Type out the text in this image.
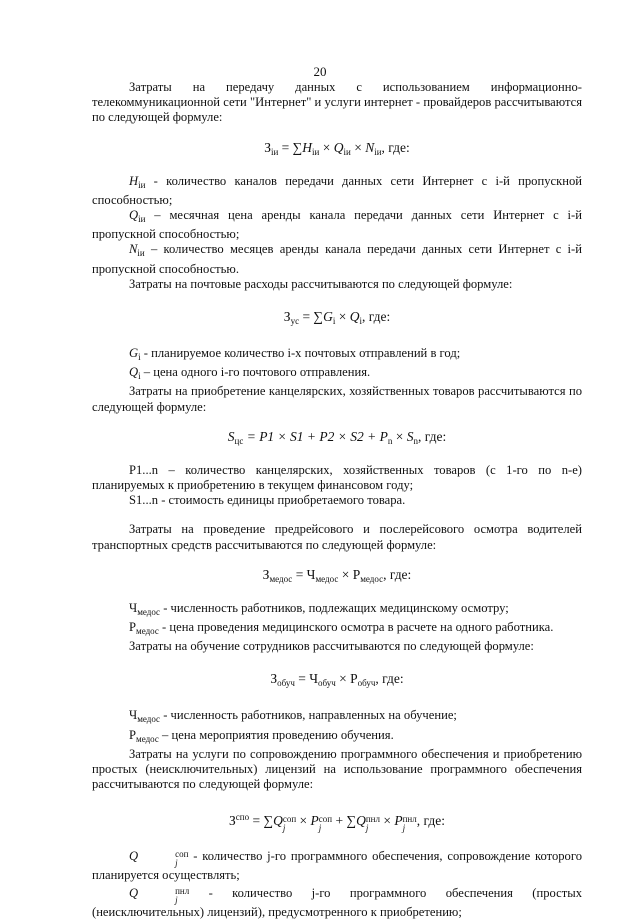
20

Затраты на передачу данных с использованием информационно-телекоммуникационной сети "Интернет" и услуги интернет - провайдеров рассчитываются по следующей формуле:

$З_{iи} = \sum H_{iи} \times Q_{iи} \times N_{iи}$, где:

$H_{iи}$ - количество каналов передачи данных сети Интернет с i-й пропускной способностью;

$Q_{iи}$ – месячная цена аренды канала передачи данных сети Интернет с i-й пропускной способностью;

$N_{iи}$ – количество месяцев аренды канала передачи данных сети Интернет с i-й пропускной способностью.

Затраты на почтовые расходы рассчитываются по следующей формуле:

$З_{ус} = \sum G_i \times Q_i$, где:

$G_i$ - планируемое количество i-х почтовых отправлений в год;

$Q_i$ – цена одного i-го почтового отправления.

Затраты на приобретение канцелярских, хозяйственных товаров рассчитываются по следующей формуле:

$S_{цс} = P1 \times S1 + P2 \times S2 + P_n \times S_n$, где:

P1...n – количество канцелярских, хозяйственных товаров (с 1-го по n-е) планируемых к приобретению в текущем финансовом году;

S1...n - стоимость единицы приобретаемого товара.

Затраты на проведение предрейсового и послерейсового осмотра водителей транспортных средств рассчитываются по следующей формуле:

$З_{медос} = Ч_{медос} \times Р_{медос}$, где:

$Ч_{медос}$ - численность работников, подлежащих медицинскому осмотру;

$Р_{медос}$ - цена проведения медицинского осмотра в расчете на одного работника.

Затраты на обучение сотрудников рассчитываются по следующей формуле:

$З_{обуч} = Ч_{обуч} \times Р_{обуч}$, где:

$Ч_{медос}$ - численность работников, направленных на обучение;

$Р_{медос}$ – цена мероприятия проведению обучения.

Затраты на услуги по сопровождению программного обеспечения и приобретению простых (неисключительных) лицензий на использование программного обеспечения рассчитываются по следующей формуле:

$З^{спо} = \sum Q$ соп
j × P соп
j + ∑Q пнл
j × P пнл
j , где:

Q	соп
j - количество j-го программного обеспечения, сопровождение которого планируется осуществлять;

Q	пнл
j - количество j-го программного обеспечения (простых (неисключительных) лицензий), предусмотренного к приобретению;
